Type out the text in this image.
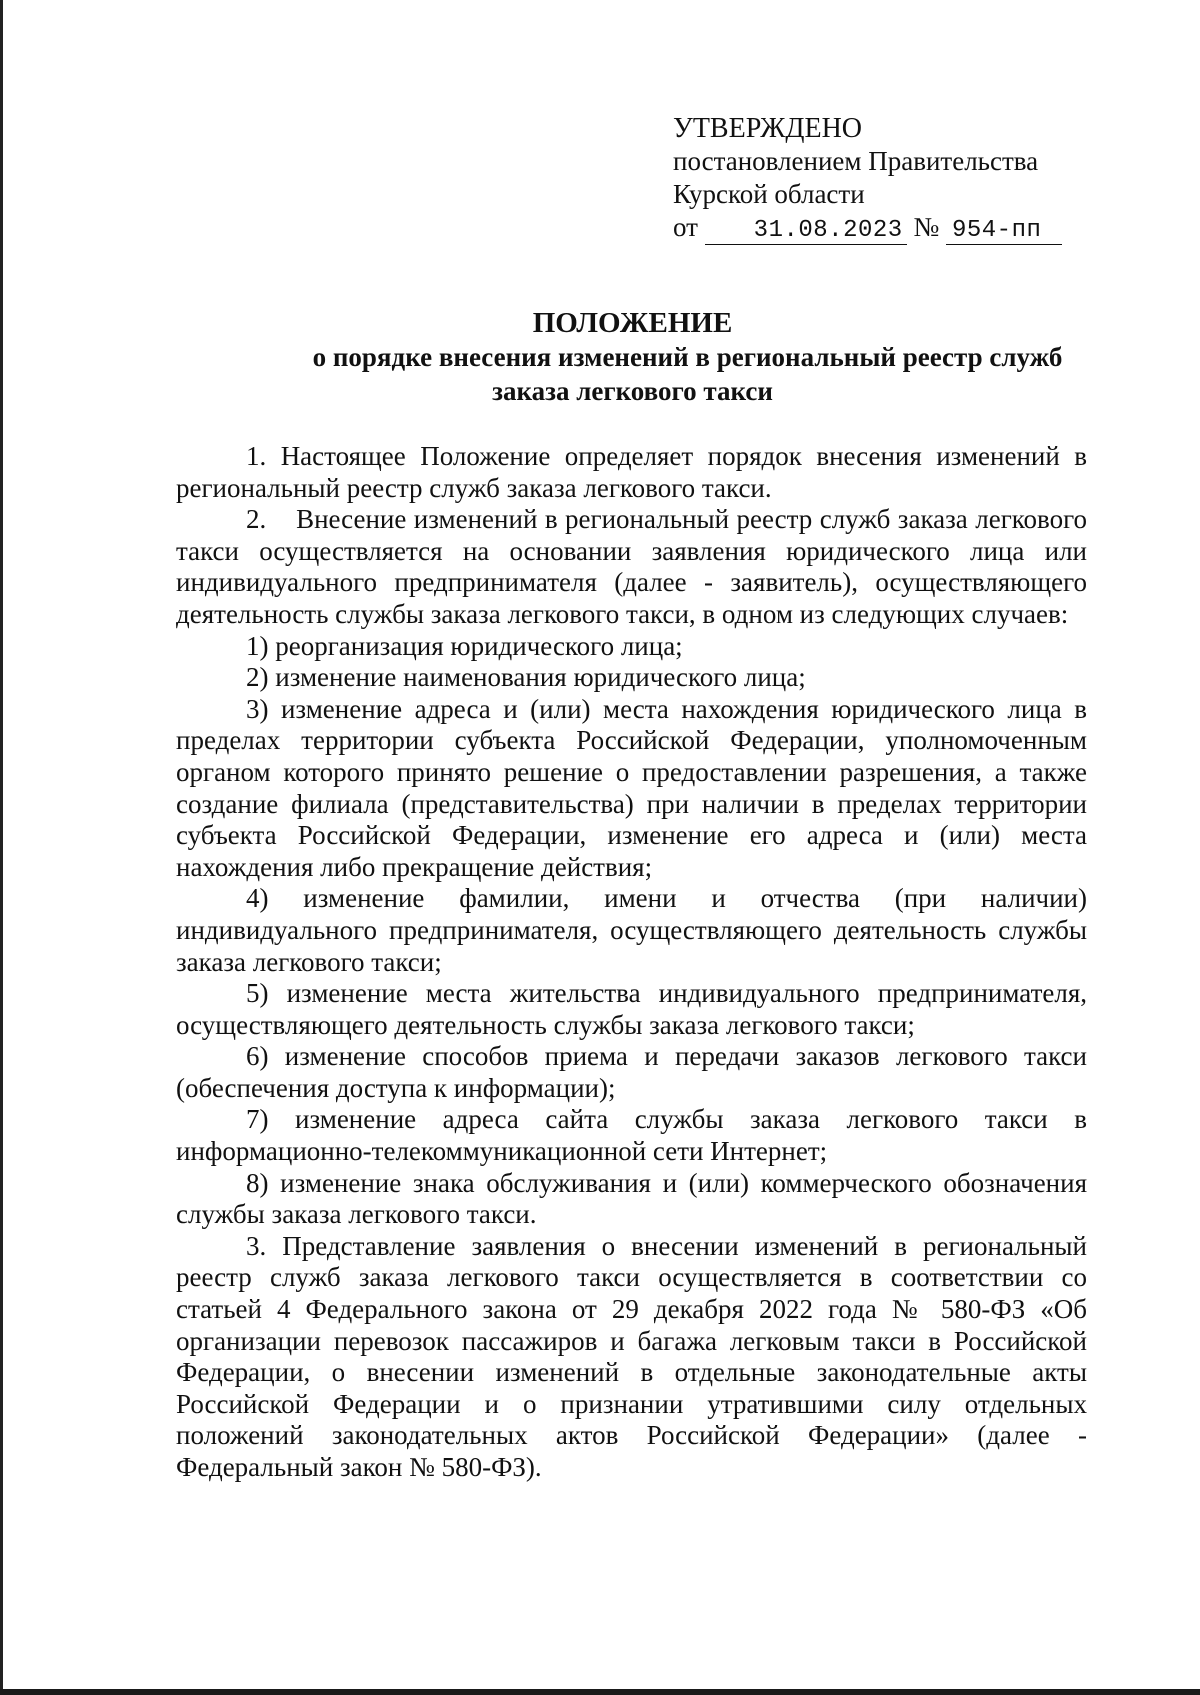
УТВЕРЖДЕНО
постановлением Правительства
Курской области
от 31.08.2023 № 954-пп
ПОЛОЖЕНИЕ
о порядке внесения изменений в региональный реестр служб
заказа легкового такси

1. Настоящее Положение определяет порядок внесения изменений в региональный реестр служб заказа легкового такси.

2.    Внесение изменений в региональный реестр служб заказа легкового такси осуществляется на основании заявления юридического лица или индивидуального предпринимателя (далее - заявитель), осуществляющего деятельность службы заказа легкового такси, в одном из следующих случаев:

1) реорганизация юридического лица;

2) изменение наименования юридического лица;

3) изменение адреса и (или) места нахождения юридического лица в пределах территории субъекта Российской Федерации, уполномоченным органом которого принято решение о предоставлении разрешения, а также создание филиала (представительства) при наличии в пределах территории субъекта Российской Федерации, изменение его адреса и (или) места нахождения либо прекращение действия;

4) изменение фамилии, имени и отчества (при наличии) индивидуального предпринимателя, осуществляющего деятельность службы заказа легкового такси;

5) изменение места жительства индивидуального предпринимателя, осуществляющего деятельность службы заказа легкового такси;

6) изменение способов приема и передачи заказов легкового такси (обеспечения доступа к информации);

7) изменение адреса сайта службы заказа легкового такси в информационно-телекоммуникационной сети Интернет;

8) изменение знака обслуживания и (или) коммерческого обозначения службы заказа легкового такси.

3. Представление заявления о внесении изменений в региональный реестр служб заказа легкового такси осуществляется в соответствии со статьей 4 Федерального закона от 29 декабря 2022 года № 580-ФЗ «Об организации перевозок пассажиров и багажа легковым такси в Российской Федерации, о внесении изменений в отдельные законодательные акты Российской Федерации и о признании утратившими силу отдельных положений законодательных актов Российской Федерации» (далее - Федеральный закон № 580-ФЗ).
